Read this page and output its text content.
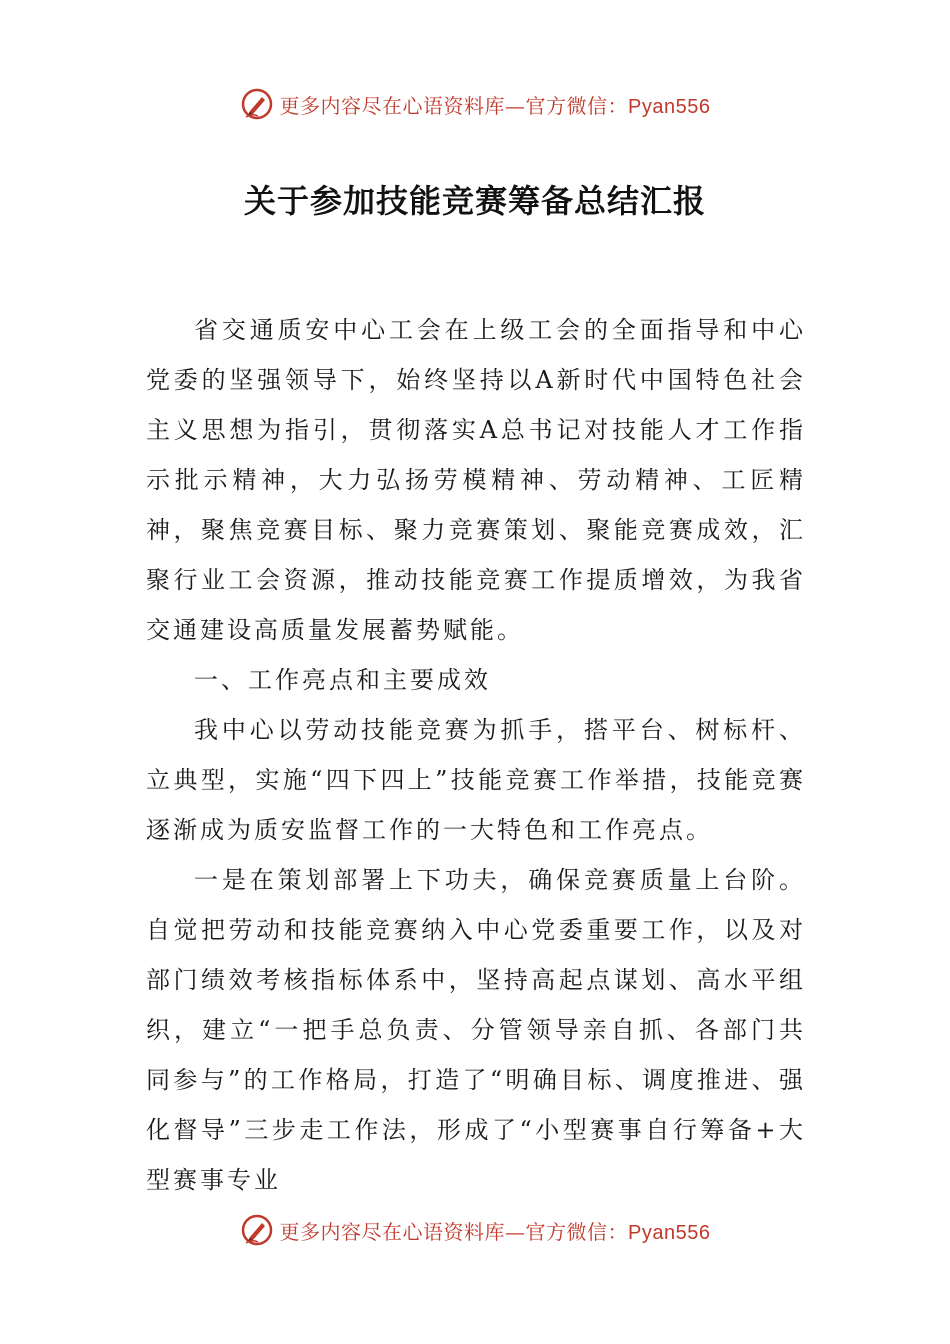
更多内容尽在心语资料库—官方微信：Pyan556
关于参加技能竞赛筹备总结汇报

省交通质安中心工会在上级工会的全面指导和中心党委的坚强领导下，始终坚持以A新时代中国特色社会主义思想为指引，贯彻落实A总书记对技能人才工作指示批示精神，大力弘扬劳模精神、劳动精神、工匠精神，聚焦竞赛目标、聚力竞赛策划、聚能竞赛成效，汇聚行业工会资源，推动技能竞赛工作提质增效，为我省交通建设高质量发展蓄势赋能。

一、工作亮点和主要成效

我中心以劳动技能竞赛为抓手，搭平台、树标杆、立典型，实施“四下四上”技能竞赛工作举措，技能竞赛逐渐成为质安监督工作的一大特色和工作亮点。

一是在策划部署上下功夫，确保竞赛质量上台阶。自觉把劳动和技能竞赛纳入中心党委重要工作，以及对部门绩效考核指标体系中，坚持高起点谋划、高水平组织，建立“一把手总负责、分管领导亲自抓、各部门共同参与”的工作格局，打造了“明确目标、调度推进、强化督导”三步走工作法，形成了“小型赛事自行筹备+大型赛事专业

更多内容尽在心语资料库—官方微信：Pyan556
